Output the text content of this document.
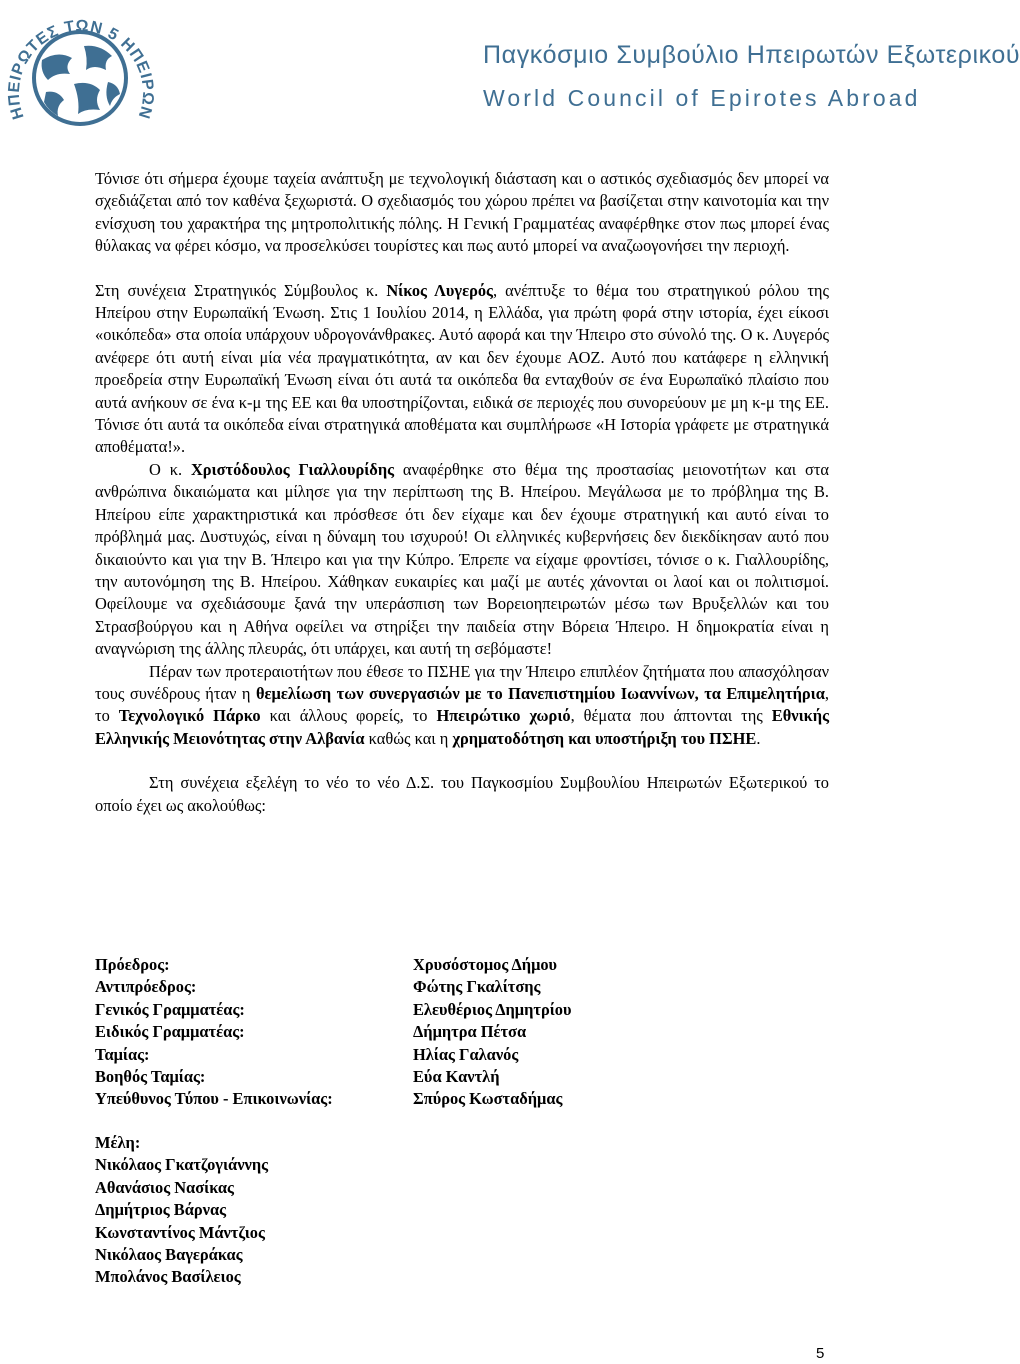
ΗΠΕΙΡΩΤΕΣ ΤΩΝ 5 ΗΠΕΙΡΩΝ
Παγκόσμιο Συμβούλιο Ηπειρωτών Εξωτερικού
World Council of Epirotes Abroad

Τόνισε ότι σήμερα έχουμε ταχεία ανάπτυξη με τεχνολογική διάσταση και ο αστικός σχεδιασμός δεν μπορεί να σχεδιάζεται από τον καθένα ξεχωριστά. Ο σχεδιασμός του χώρου πρέπει να βασίζεται στην καινοτομία και την ενίσχυση του χαρακτήρα της μητροπολιτικής πόλης. Η Γενική Γραμματέας αναφέρθηκε στον πως μπορεί ένας θύλακας να φέρει κόσμο, να προσελκύσει τουρίστες και πως αυτό μπορεί να αναζωογονήσει την περιοχή.

Στη συνέχεια Στρατηγικός Σύμβουλος κ. Νίκος Λυγερός, ανέπτυξε το θέμα του στρατηγικού ρόλου της Ηπείρου στην Ευρωπαϊκή Ένωση. Στις 1 Ιουλίου 2014, η Ελλάδα, για πρώτη φορά στην ιστορία, έχει είκοσι «οικόπεδα» στα οποία υπάρχουν υδρογονάνθρακες. Αυτό αφορά και την Ήπειρο στο σύνολό της. Ο κ. Λυγερός ανέφερε ότι αυτή είναι μία νέα πραγματικότητα, αν και δεν έχουμε ΑΟΖ. Αυτό που κατάφερε η ελληνική προεδρεία στην Ευρωπαϊκή Ένωση είναι ότι αυτά τα οικόπεδα θα ενταχθούν σε ένα Ευρωπαϊκό πλαίσιο που αυτά ανήκουν σε ένα κ-μ της ΕΕ και θα υποστηρίζονται, ειδικά σε περιοχές που συνορεύουν με μη κ-μ της ΕΕ. Τόνισε ότι αυτά τα οικόπεδα είναι στρατηγικά αποθέματα και συμπλήρωσε «Η Ιστορία γράφετε με στρατηγικά αποθέματα!».

Ο κ. Χριστόδουλος Γιαλλουρίδης αναφέρθηκε στο θέμα της προστασίας μειονοτήτων και στα ανθρώπινα δικαιώματα και μίλησε για την περίπτωση της Β. Ηπείρου. Μεγάλωσα με το πρόβλημα της Β. Ηπείρου είπε χαρακτηριστικά και πρόσθεσε ότι δεν είχαμε και δεν έχουμε στρατηγική και αυτό είναι το πρόβλημά μας. Δυστυχώς, είναι η δύναμη του ισχυρού! Οι ελληνικές κυβερνήσεις δεν διεκδίκησαν αυτό που δικαιούντο και για την Β. Ήπειρο και για την Κύπρο. Έπρεπε να είχαμε φροντίσει, τόνισε ο κ. Γιαλλουρίδης, την αυτονόμηση της Β. Ηπείρου. Χάθηκαν ευκαιρίες και μαζί με αυτές χάνονται οι λαοί και οι πολιτισμοί. Οφείλουμε να σχεδιάσουμε ξανά την υπεράσπιση των Βορειοηπειρωτών μέσω των Βρυξελλών και του Στρασβούργου και η Αθήνα οφείλει να στηρίξει την παιδεία στην Βόρεια Ήπειρο. Η δημοκρατία είναι η αναγνώριση της άλλης πλευράς, ότι υπάρχει, και αυτή τη σεβόμαστε!

Πέραν των προτεραιοτήτων που έθεσε το ΠΣΗΕ για την Ήπειρο επιπλέον ζητήματα που απασχόλησαν τους συνέδρους ήταν η θεμελίωση των συνεργασιών με το Πανεπιστημίου Ιωαννίνων, τα Επιμελητήρια, το Τεχνολογικό Πάρκο και άλλους φορείς, το Ηπειρώτικο χωριό, θέματα που άπτονται της Εθνικής Ελληνικής Μειονότητας στην Αλβανία καθώς και η χρηματοδότηση και υποστήριξη του ΠΣΗΕ.

Στη συνέχεια εξελέγη το νέο το νέο Δ.Σ. του Παγκοσμίου Συμβουλίου Ηπειρωτών Εξωτερικού το οποίο έχει ως ακολούθως:

Πρόεδρος:	Χρυσόστομος Δήμου
Αντιπρόεδρος:	Φώτης Γκαλίτσης
Γενικός Γραμματέας:	Ελευθέριος Δημητρίου
Ειδικός Γραμματέας:	Δήμητρα Πέτσα
Ταμίας:	Ηλίας Γαλανός
Βοηθός Ταμίας:	Εύα Καντλή
Υπεύθυνος Τύπου - Επικοινωνίας:	Σπύρος Κωσταδήμας
Μέλη:
Νικόλαος Γκατζογιάννης
Αθανάσιος Νασίκας
Δημήτριος Βάρνας
Κωνσταντίνος Μάντζιος
Νικόλαος Βαγεράκας
Μπολάνος Βασίλειος
5
